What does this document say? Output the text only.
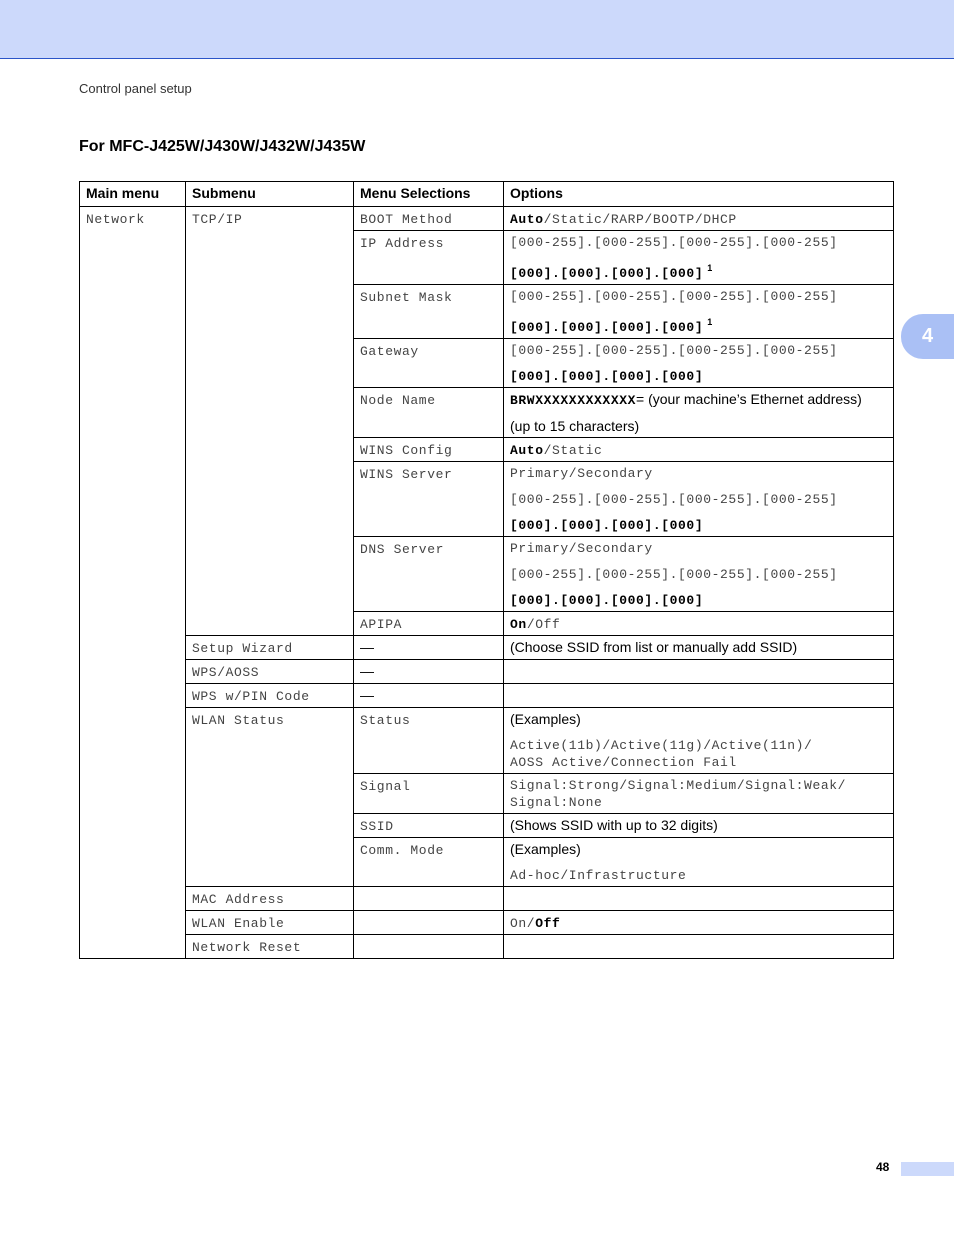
Control panel setup
For MFC-J425W/J430W/J432W/J435W
4
Main menu	Submenu	Menu Selections	Options
Network	TCP/IP	BOOT Method	Auto/Static/RARP/BOOTP/DHCP
		IP Address	[000-255].[000-255].[000-255].[000-255]
[000].[000].[000].[000] $^1$

		Subnet Mask	[000-255].[000-255].[000-255].[000-255]
[000].[000].[000].[000] $^1$

		Gateway	[000-255].[000-255].[000-255].[000-255]
[000].[000].[000].[000]

		Node Name	BRWXXXXXXXXXXXX= (your machine’s Ethernet address)
(up to 15 characters)

		WINS Config	Auto/Static
		WINS Server	Primary/Secondary
[000-255].[000-255].[000-255].[000-255]
[000].[000].[000].[000]

		DNS Server	Primary/Secondary
[000-255].[000-255].[000-255].[000-255]
[000].[000].[000].[000]

		APIPA	On/Off
	Setup Wizard	—	(Choose SSID from list or manually add SSID)
	WPS/AOSS	—	
	WPS w/PIN Code	—	
	WLAN Status	Status	(Examples)
Active(11b)/Active(11g)/Active(11n)/
AOSS Active/Connection Fail

		Signal	Signal:Strong/Signal:Medium/Signal:Weak/
Signal:None

		SSID	(Shows SSID with up to 32 digits)
		Comm. Mode	(Examples)
Ad-hoc/Infrastructure

	MAC Address		
	WLAN Enable		On/Off
	Network Reset		
48
